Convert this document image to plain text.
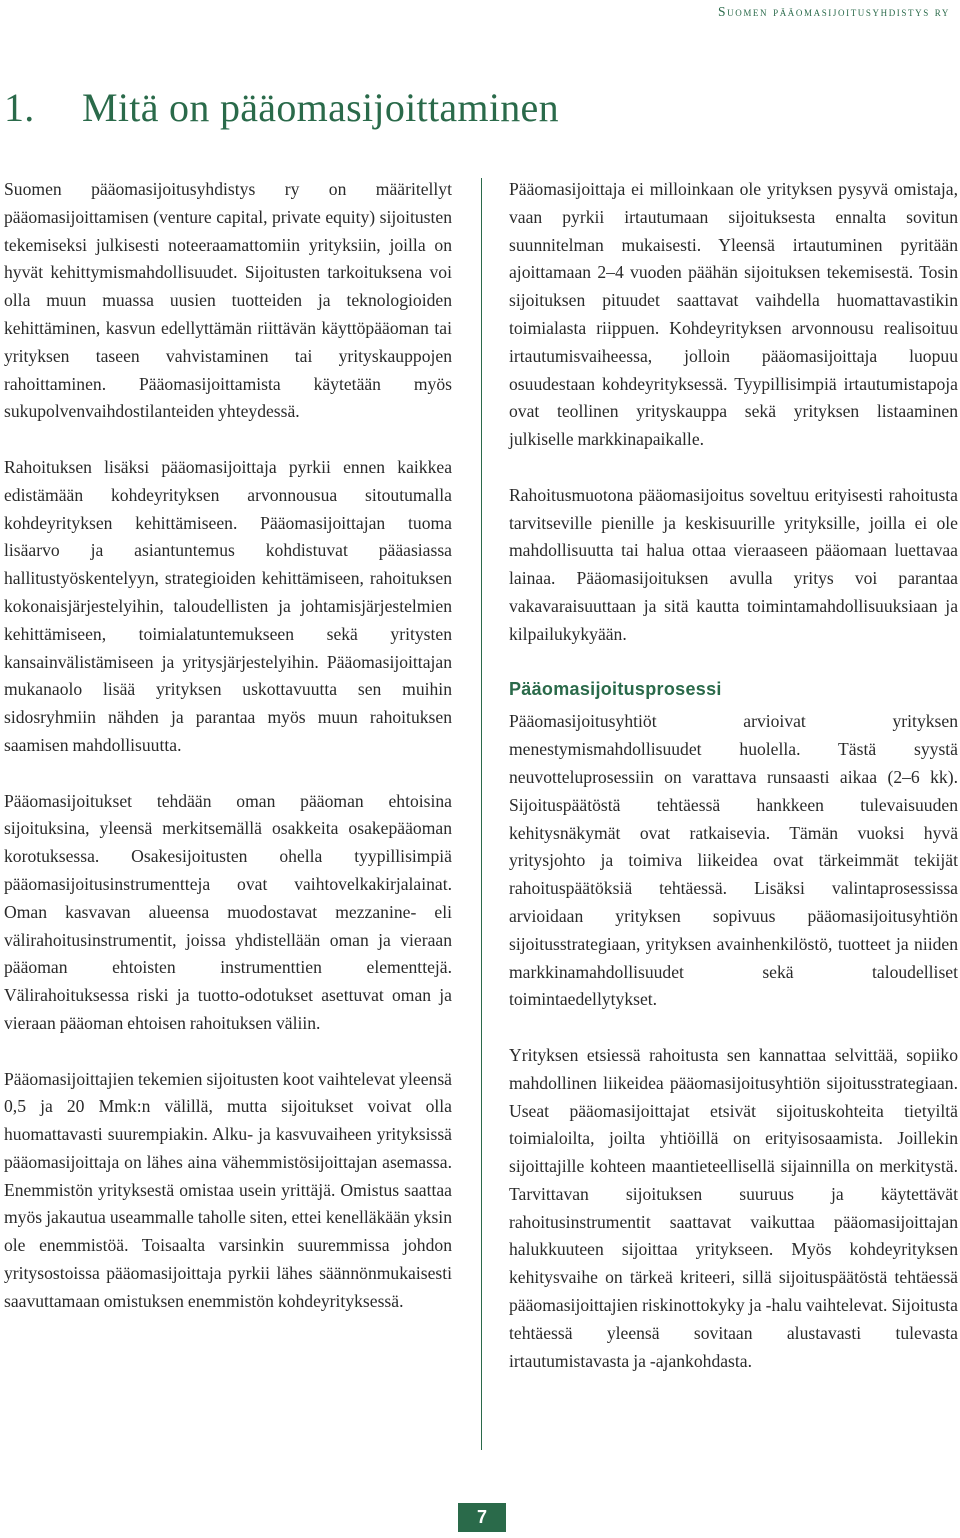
Suomen pääomasijoitusyhdistys ry
1. Mitä on pääomasijoittaminen

Suomen pääomasijoitusyhdistys ry on määritellyt pääomasijoittamisen (venture capital, private equity) sijoitusten tekemiseksi julkisesti noteeraamattomiin yrityksiin, joilla on hyvät kehittymismahdollisuudet. Sijoitusten tarkoituksena voi olla muun muassa uusien tuotteiden ja teknologioiden kehittäminen, kasvun edellyttämän riittävän käyttöpääoman tai yrityksen taseen vahvistaminen tai yrityskauppojen rahoittaminen. Pääomasijoittamista käytetään myös sukupolvenvaihdostilanteiden yhteydessä.

Rahoituksen lisäksi pääomasijoittaja pyrkii ennen kaikkea edistämään kohdeyrityksen arvonnousua sitoutumalla kohdeyrityksen kehittämiseen. Pääomasijoittajan tuoma lisäarvo ja asiantuntemus kohdistuvat pääasiassa hallitustyöskentelyyn, strategioiden kehittämiseen, rahoituksen kokonaisjärjestelyihin, taloudellisten ja johtamisjärjestelmien kehittämiseen, toimialatuntemukseen sekä yritysten kansainvälistämiseen ja yritysjärjestelyihin. Pääomasijoittajan mukanaolo lisää yrityksen uskottavuutta sen muihin sidosryhmiin nähden ja parantaa myös muun rahoituksen saamisen mahdollisuutta.

Pääomasijoitukset tehdään oman pääoman ehtoisina sijoituksina, yleensä merkitsemällä osakkeita osakepääoman korotuksessa. Osakesijoitusten ohella tyypillisimpiä pääomasijoitusinstrumentteja ovat vaihtovelkakirjalainat. Oman kasvavan alueensa muodostavat mezzanine- eli välirahoitusinstrumentit, joissa yhdistellään oman ja vieraan pääoman ehtoisten instrumenttien elementtejä. Välirahoituksessa riski ja tuotto-odotukset asettuvat oman ja vieraan pääoman ehtoisen rahoituksen väliin.

Pääomasijoittajien tekemien sijoitusten koot vaihtelevat yleensä 0,5 ja 20 Mmk:n välillä, mutta sijoitukset voivat olla huomattavasti suurempiakin. Alku- ja kasvuvaiheen yrityksissä pääomasijoittaja on lähes aina vähemmistösijoittajan asemassa. Enemmistön yrityksestä omistaa usein yrittäjä. Omistus saattaa myös jakautua useammalle taholle siten, ettei kenelläkään yksin ole enemmistöä. Toisaalta varsinkin suuremmissa johdon yritysostoissa pääomasijoittaja pyrkii lähes säännönmukaisesti saavuttamaan omistuksen enemmistön kohdeyrityksessä.

Pääomasijoittaja ei milloinkaan ole yrityksen pysyvä omistaja, vaan pyrkii irtautumaan sijoituksesta ennalta sovitun suunnitelman mukaisesti. Yleensä irtautuminen pyritään ajoittamaan 2–4 vuoden päähän sijoituksen tekemisestä. Tosin sijoituksen pituudet saattavat vaihdella huomattavastikin toimialasta riippuen. Kohdeyrityksen arvonnousu realisoituu irtautumisvaiheessa, jolloin pääomasijoittaja luopuu osuudestaan kohdeyrityksessä. Tyypillisimpiä irtautumistapoja ovat teollinen yrityskauppa sekä yrityksen listaaminen julkiselle markkinapaikalle.

Rahoitusmuotona pääomasijoitus soveltuu erityisesti rahoitusta tarvitseville pienille ja keskisuurille yrityksille, joilla ei ole mahdollisuutta tai halua ottaa vieraaseen pääomaan luettavaa lainaa. Pääomasijoituksen avulla yritys voi parantaa vakavaraisuuttaan ja sitä kautta toimintamahdollisuuksiaan ja kilpailukykyään.

Pääomasijoitusprosessi

Pääomasijoitusyhtiöt arvioivat yrityksen menestymismahdollisuudet huolella. Tästä syystä neuvotteluprosessiin on varattava runsaasti aikaa (2–6 kk). Sijoituspäätöstä tehtäessä hankkeen tulevaisuuden kehitysnäkymät ovat ratkaisevia. Tämän vuoksi hyvä yritysjohto ja toimiva liikeidea ovat tärkeimmät tekijät rahoituspäätöksiä tehtäessä. Lisäksi valintaprosessissa arvioidaan yrityksen sopivuus pääomasijoitusyhtiön sijoitusstrategiaan, yrityksen avainhenkilöstö, tuotteet ja niiden markkinamahdollisuudet sekä taloudelliset toimintaedellytykset.

Yrityksen etsiessä rahoitusta sen kannattaa selvittää, sopiiko mahdollinen liikeidea pääomasijoitusyhtiön sijoitusstrategiaan. Useat pääomasijoittajat etsivät sijoituskohteita tietyiltä toimialoilta, joilta yhtiöillä on erityisosaamista. Joillekin sijoittajille kohteen maantieteellisellä sijainnilla on merkitystä. Tarvittavan sijoituksen suuruus ja käytettävät rahoitusinstrumentit saattavat vaikuttaa pääomasijoittajan halukkuuteen sijoittaa yritykseen. Myös kohdeyrityksen kehitysvaihe on tärkeä kriteeri, sillä sijoituspäätöstä tehtäessä pääomasijoittajien riskinottokyky ja -halu vaihtelevat. Sijoitusta tehtäessä yleensä sovitaan alustavasti tulevasta irtautumistavasta ja -ajankohdasta.

7
